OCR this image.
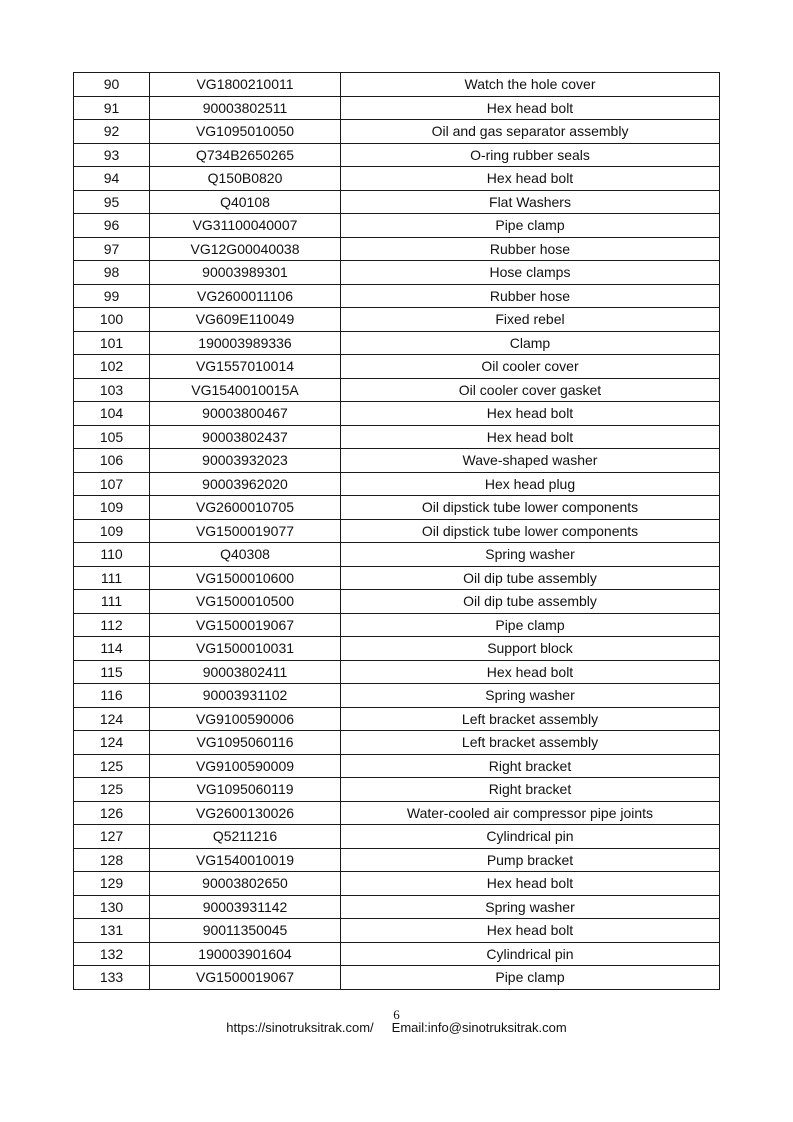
90	VG1800210011	Watch the hole cover
91	90003802511	Hex head bolt
92	VG1095010050	Oil and gas separator assembly
93	Q734B2650265	O-ring rubber seals
94	Q150B0820	Hex head bolt
95	Q40108	Flat Washers
96	VG31100040007	Pipe clamp
97	VG12G00040038	Rubber hose
98	90003989301	Hose clamps
99	VG2600011106	Rubber hose
100	VG609E110049	Fixed rebel
101	190003989336	Clamp
102	VG1557010014	Oil cooler cover
103	VG1540010015A	Oil cooler cover gasket
104	90003800467	Hex head bolt
105	90003802437	Hex head bolt
106	90003932023	Wave-shaped washer
107	90003962020	Hex head plug
109	VG2600010705	Oil dipstick tube lower components
109	VG1500019077	Oil dipstick tube lower components
110	Q40308	Spring washer
111	VG1500010600	Oil dip tube assembly
111	VG1500010500	Oil dip tube assembly
112	VG1500019067	Pipe clamp
114	VG1500010031	Support block
115	90003802411	Hex head bolt
116	90003931102	Spring washer
124	VG9100590006	Left bracket assembly
124	VG1095060116	Left bracket assembly
125	VG9100590009	Right bracket
125	VG1095060119	Right bracket
126	VG2600130026	Water-cooled air compressor pipe joints
127	Q5211216	Cylindrical pin
128	VG1540010019	Pump bracket
129	90003802650	Hex head bolt
130	90003931142	Spring washer
131	90011350045	Hex head bolt
132	190003901604	Cylindrical pin
133	VG1500019067	Pipe clamp
6
https://sinotruksitrak.com/ Email:info@sinotruksitrak.com
